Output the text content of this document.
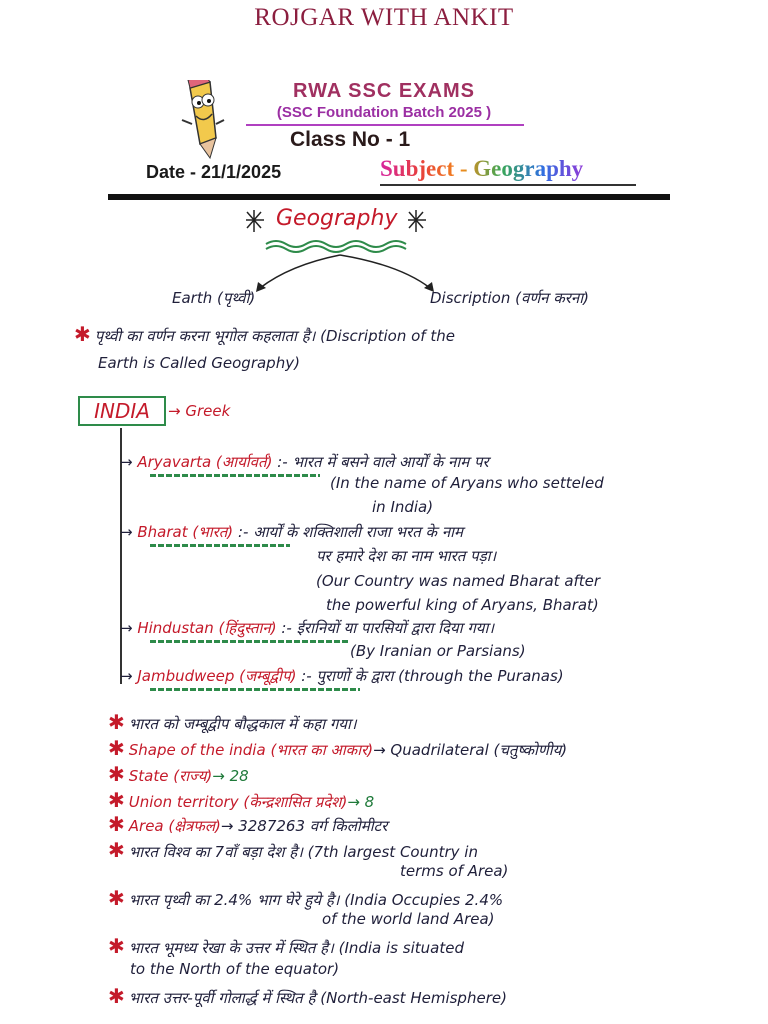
ROJGAR WITH ANKIT
RWA SSC EXAMS
(SSC Foundation Batch 2025 )
Class No - 1
Date - 21/1/2025	Subject - Geography
Geography
Earth (पृथ्वी)	Discription (वर्णन करना)
✱ पृथ्वी का वर्णन करना भूगोल कहलाता है। (Discription of the
Earth is Called Geography)
INDIA	→ Greek
→ Aryavarta (आर्यावर्त) :- भारत में बसने वाले आर्यों के नाम पर
(In the name of Aryans who setteled
in India)
→ Bharat (भारत) :- आर्यों के शक्तिशाली राजा भरत के नाम
पर हमारे देश का नाम भारत पड़ा।
(Our Country was named Bharat after
the powerful king of Aryans, Bharat)
→ Hindustan (हिंदुस्तान) :- ईरानियों या पारसियों द्वारा दिया गया।
(By Iranian or Parsians)
→ Jambudweep (जम्बूद्वीप) :- पुराणों के द्वारा (through the Puranas)
✱ भारत को जम्बूद्वीप बौद्धकाल में कहा गया।
✱ Shape of the india (भारत का आकार)→ Quadrilateral (चतुष्कोणीय)
✱ State (राज्य)→ 28
✱ Union territory (केन्द्रशासित प्रदेश)→ 8
✱ Area (क्षेत्रफल)→ 3287263 वर्ग किलोमीटर
✱ भारत विश्व का 7वाँ बड़ा देश है। (7th largest Country in
terms of Area)
✱ भारत पृथ्वी का 2.4% भाग घेरे हुये है। (India Occupies 2.4%
of the world land Area)
✱ भारत भूमध्य रेखा के उत्तर में स्थित है। (India is situated
to the North of the equator)
✱ भारत उत्तर-पूर्वी गोलार्द्ध में स्थित है (North-east Hemisphere)
